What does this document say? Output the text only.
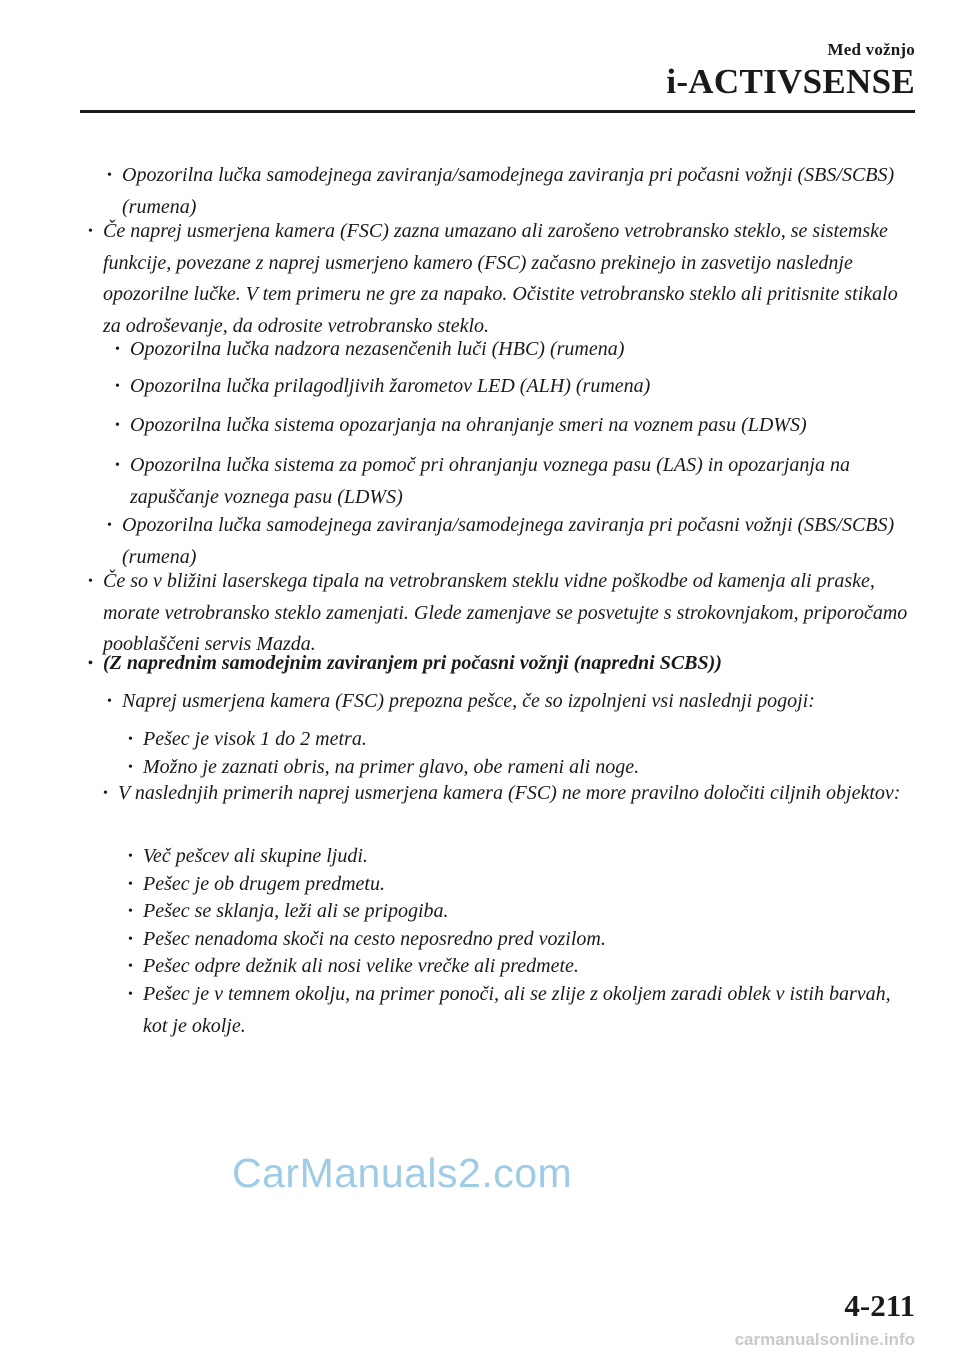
Med vožnjo
i-ACTIVSENSE
• Opozorilna lučka samodejnega zaviranja/samodejnega zaviranja pri počasni vožnji (SBS/SCBS) (rumena)
• Če naprej usmerjena kamera (FSC) zazna umazano ali zarošeno vetrobransko steklo, se sistemske funkcije, povezane z naprej usmerjeno kamero (FSC) začasno prekinejo in zasvetijo naslednje opozorilne lučke. V tem primeru ne gre za napako. Očistite vetrobransko steklo ali pritisnite stikalo za odroševanje, da odrosite vetrobransko steklo.
• Opozorilna lučka nadzora nezasenčenih luči (HBC) (rumena)
• Opozorilna lučka prilagodljivih žarometov LED (ALH) (rumena)
• Opozorilna lučka sistema opozarjanja na ohranjanje smeri na voznem pasu (LDWS)
• Opozorilna lučka sistema za pomoč pri ohranjanju voznega pasu (LAS) in opozarjanja na zapuščanje voznega pasu (LDWS)
• Opozorilna lučka samodejnega zaviranja/samodejnega zaviranja pri počasni vožnji (SBS/SCBS) (rumena)
• Če so v bližini laserskega tipala na vetrobranskem steklu vidne poškodbe od kamenja ali praske, morate vetrobransko steklo zamenjati. Glede zamenjave se posvetujte s strokovnjakom, priporočamo pooblaščeni servis Mazda.
• (Z naprednim samodejnim zaviranjem pri počasni vožnji (napredni SCBS))
• Naprej usmerjena kamera (FSC) prepozna pešce, če so izpolnjeni vsi naslednji pogoji:
• Pešec je visok 1 do 2 metra.
• Možno je zaznati obris, na primer glavo, obe rameni ali noge.
• V naslednjih primerih naprej usmerjena kamera (FSC) ne more pravilno določiti ciljnih objektov:
• Več pešcev ali skupine ljudi.
• Pešec je ob drugem predmetu.
• Pešec se sklanja, leži ali se pripogiba.
• Pešec nenadoma skoči na cesto neposredno pred vozilom.
• Pešec odpre dežnik ali nosi velike vrečke ali predmete.
• Pešec je v temnem okolju, na primer ponoči, ali se zlije z okoljem zaradi oblek v istih barvah, kot je okolje.
CarManuals2.com
4-211
carmanualsonline.info
